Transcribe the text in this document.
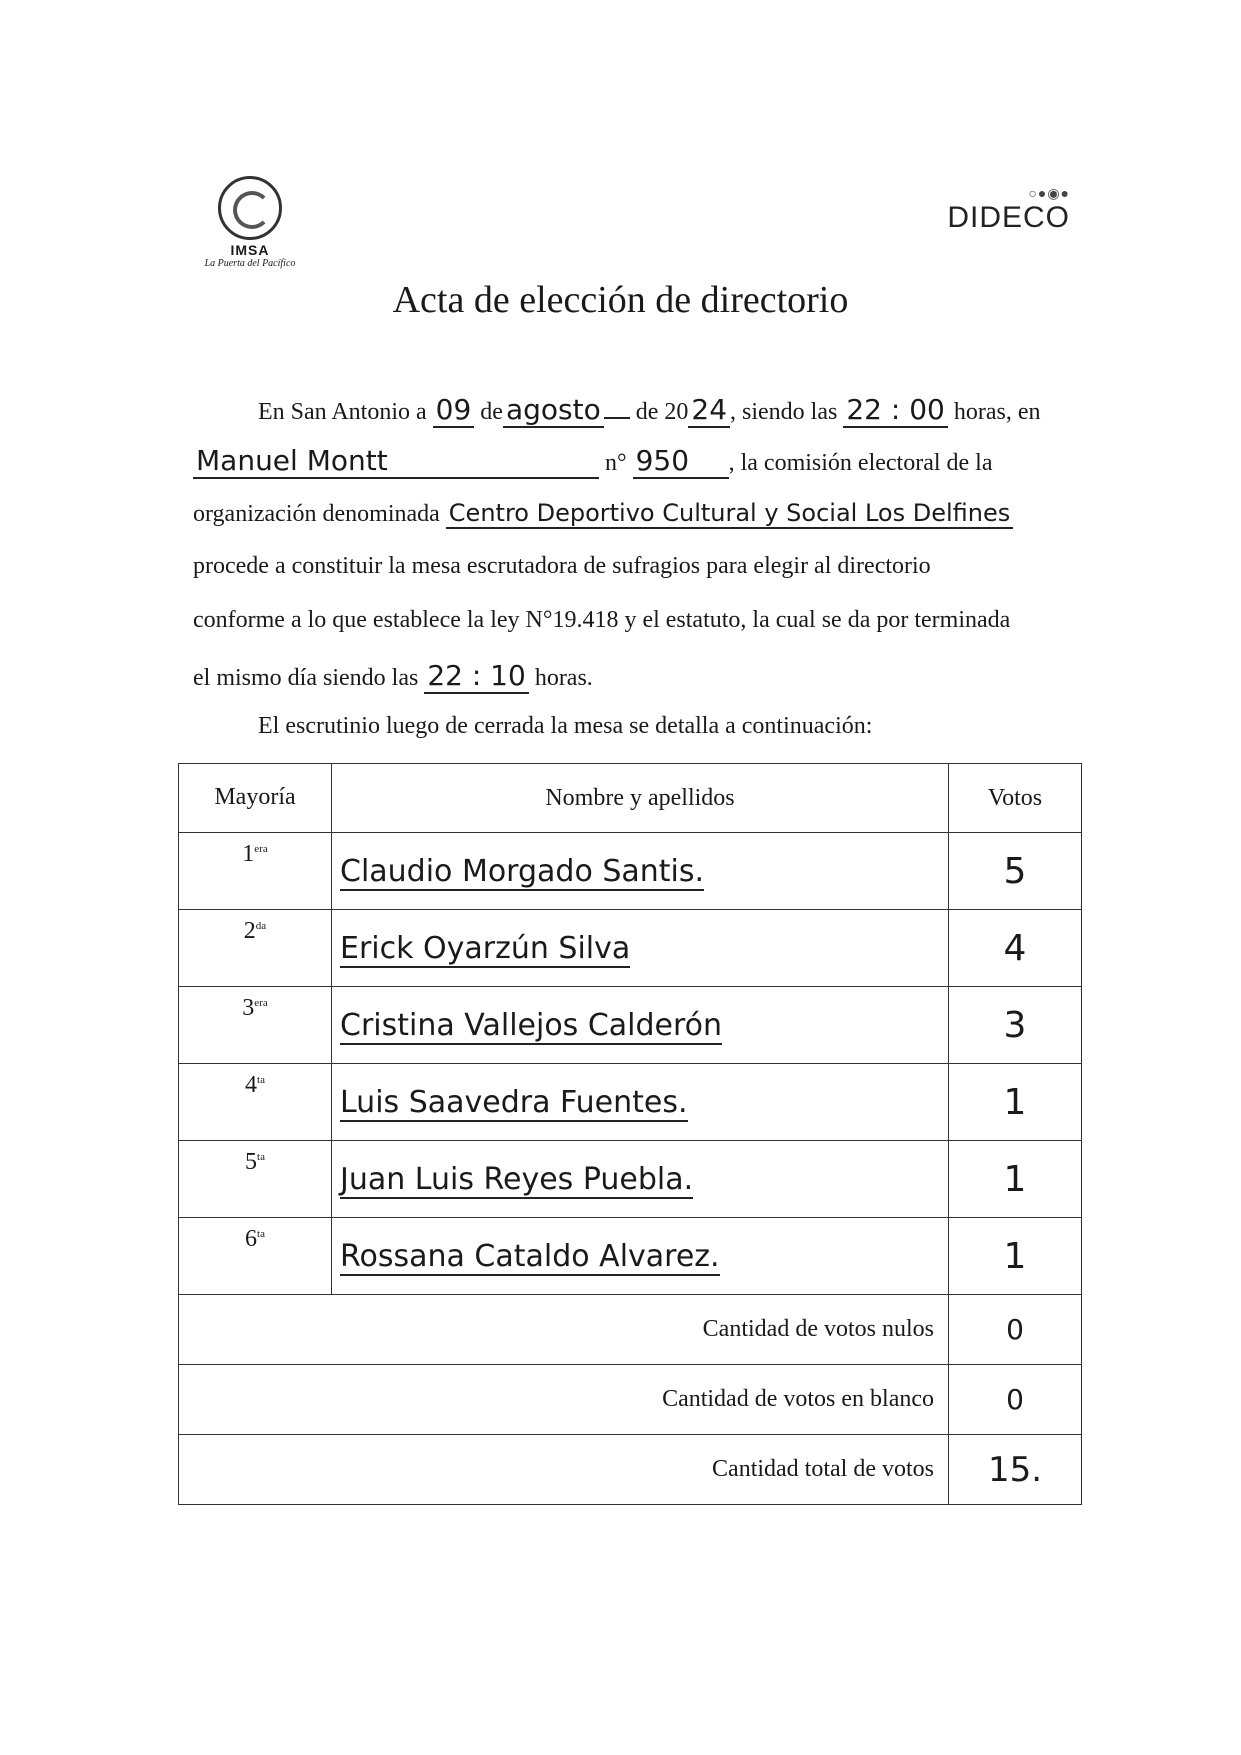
IMSA
La Puerta del Pacífico
○●◉●
DIDECO

Acta de elección de directorio
En San Antonio a 09 de agosto de 20 24 , siendo las 22 : 00 horas, en
Manuel Montt	n° 950 , la comisión electoral de la
organización denominada Centro Deportivo Cultural y Social Los Delfines
procede a constituir la mesa escrutadora de sufragios para elegir al directorio
conforme a lo que establece la ley N°19.418 y el estatuto, la cual se da por terminada
el mismo día siendo las 22 : 10 horas.
El escrutinio luego de cerrada la mesa se detalla a continuación:
Mayoría	Nombre y apellidos	Votos
$1^{era}$	Claudio Morgado Santis.	5
$2^{da}$	Erick Oyarzún Silva	4
$3^{era}$	Cristina Vallejos Calderón	3
$4^{ta}$	Luis Saavedra Fuentes.	1
$5^{ta}$	Juan Luis Reyes Puebla.	1
$6^{ta}$	Rossana Cataldo Alvarez.	1
Cantidad de votos nulos		0
Cantidad de votos en blanco		0
Cantidad total de votos		15.
